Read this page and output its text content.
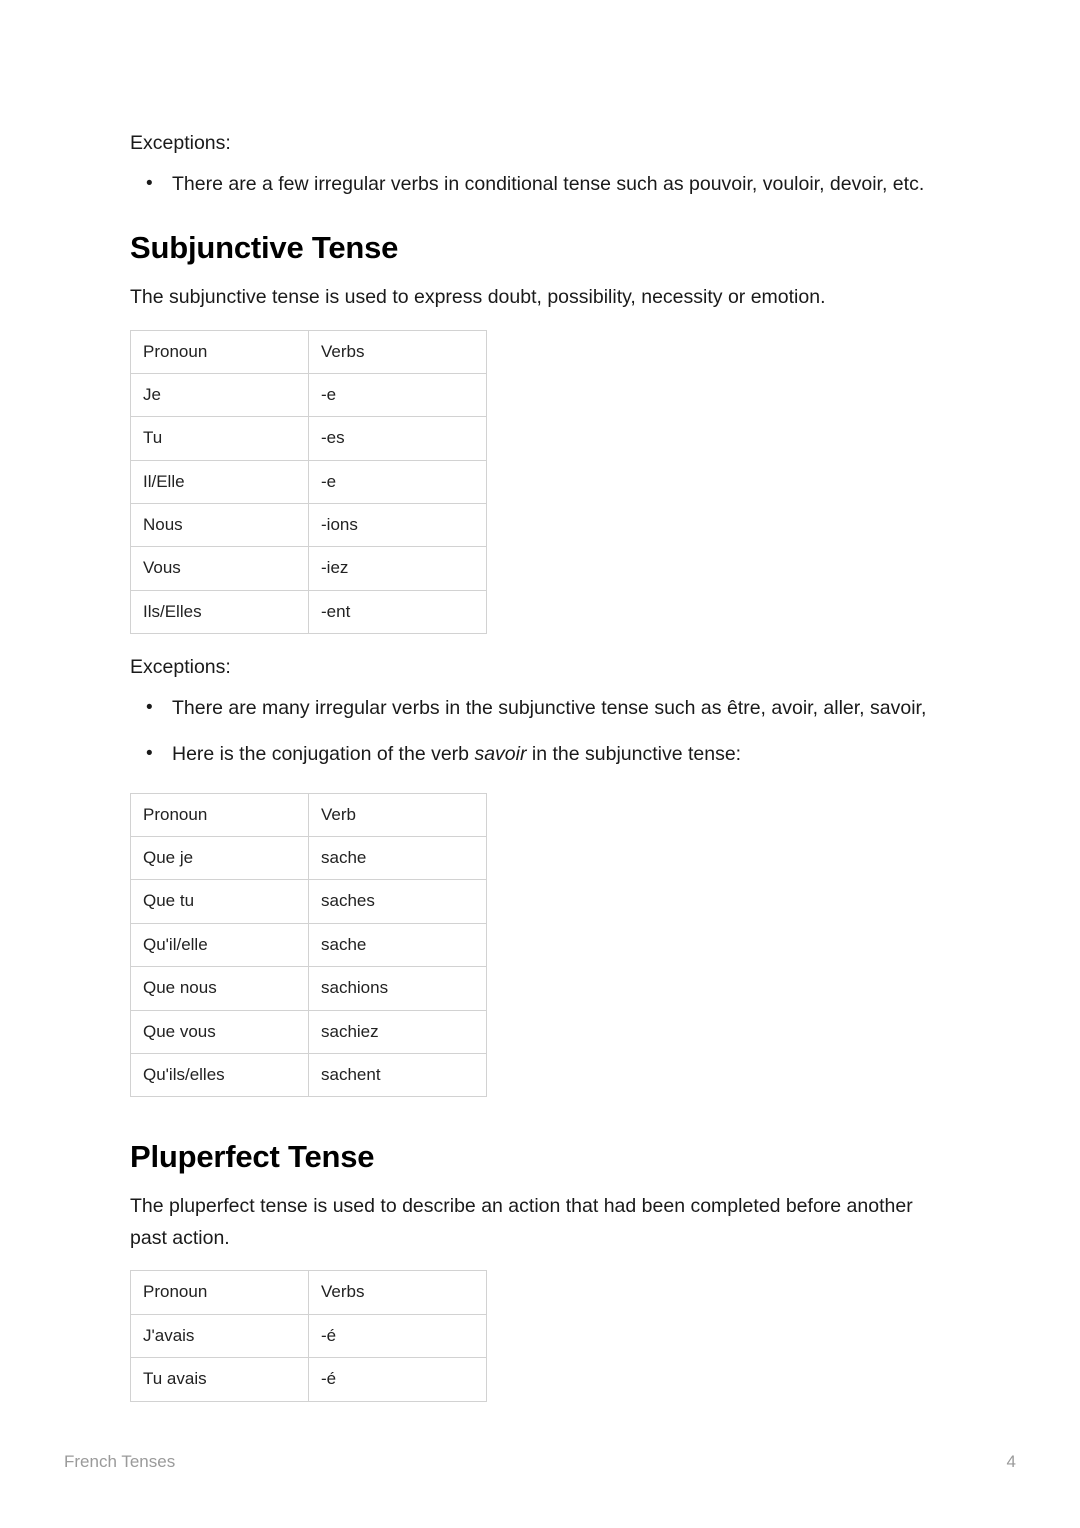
Exceptions:

• There are a few irregular verbs in conditional tense such as pouvoir, vouloir, devoir, etc.
Subjunctive Tense

The subjunctive tense is used to express doubt, possibility, necessity or emotion.

Pronoun	Verbs
Je	-e
Tu	-es
Il/Elle	-e
Nous	-ions
Vous	-iez
Ils/Elles	-ent

Exceptions:

• There are many irregular verbs in the subjunctive tense such as être, avoir, aller, savoir,
• Here is the conjugation of the verb savoir in the subjunctive tense:
Pronoun	Verb
Que je	sache
Que tu	saches
Qu'il/elle	sache
Que nous	sachions
Que vous	sachiez
Qu'ils/elles	sachent
Pluperfect Tense

The pluperfect tense is used to describe an action that had been completed before another past action.

Pronoun	Verbs
J'avais	-é
Tu avais	-é
French Tenses	4
